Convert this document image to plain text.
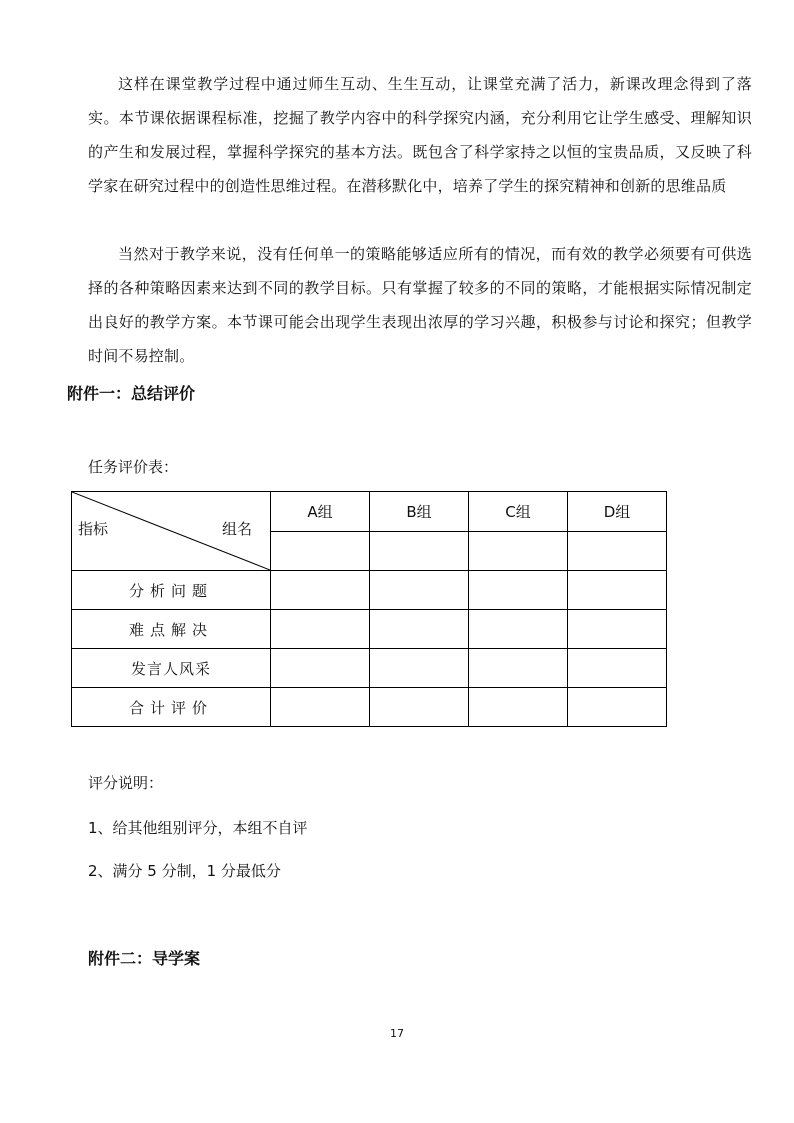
这样在课堂教学过程中通过师生互动、生生互动，让课堂充满了活力，新课改理念得到了落实。本节课依据课程标准，挖掘了教学内容中的科学探究内涵，充分利用它让学生感受、理解知识的产生和发展过程，掌握科学探究的基本方法。既包含了科学家持之以恒的宝贵品质，又反映了科学家在研究过程中的创造性思维过程。在潜移默化中，培养了学生的探究精神和创新的思维品质

当然对于教学来说，没有任何单一的策略能够适应所有的情况，而有效的教学必须要有可供选择的各种策略因素来达到不同的教学目标。只有掌握了较多的不同的策略，才能根据实际情况制定出良好的教学方案。本节课可能会出现学生表现出浓厚的学习兴趣，积极参与讨论和探究；但教学时间不易控制。

附件一：总结评价

任务评价表：

指标 组名	A组	B组	C组	D组

分析问题				
难点解决				
发言人风采				
合计评价				

评分说明：

1、给其他组别评分，本组不自评

2、满分 5 分制，1 分最低分

附件二：导学案
17
